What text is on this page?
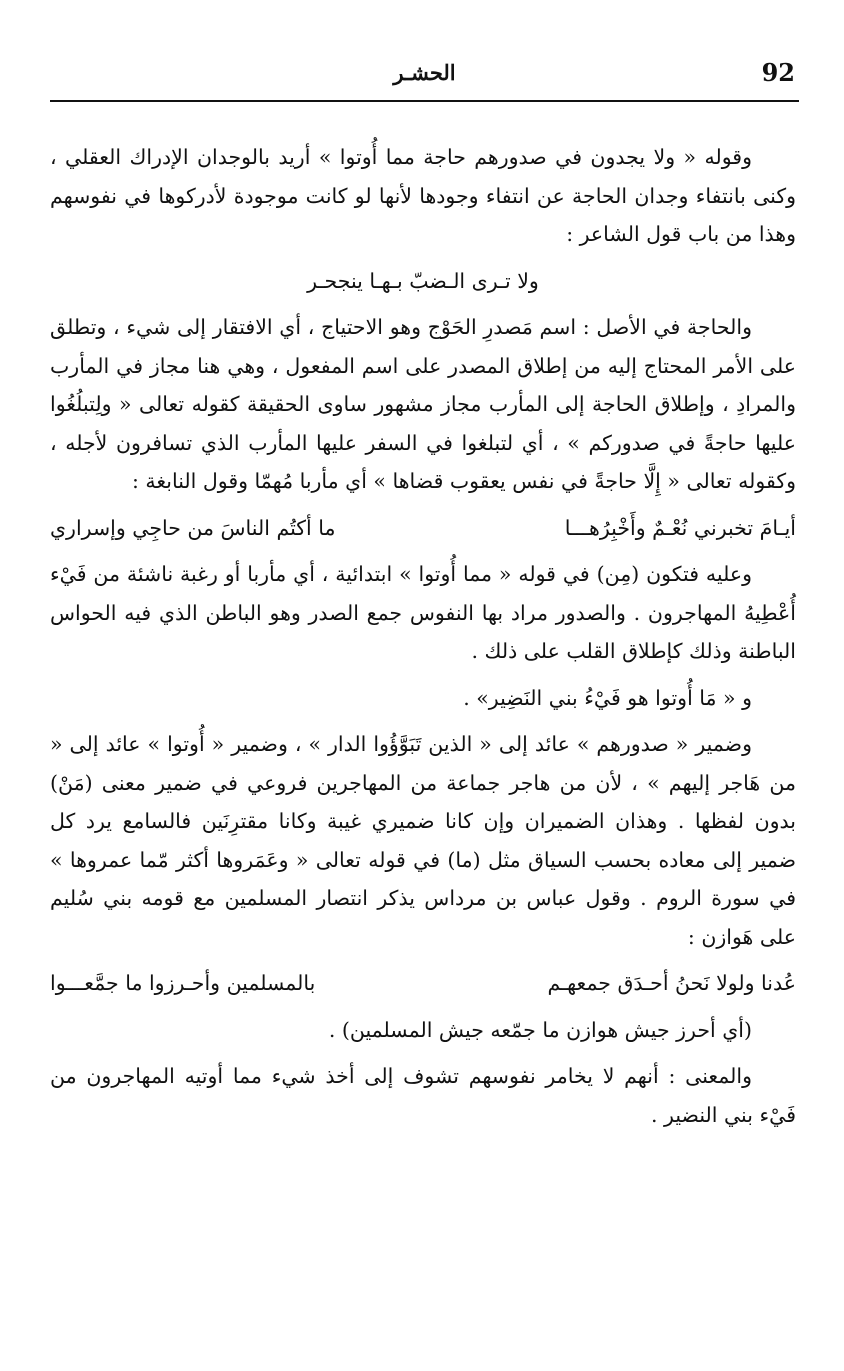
92
الحشـر

وقوله « ولا يجدون في صدورهم حاجة مما أُوتوا » أريد بالوجدان الإدراك العقلي ، وكنى بانتفاء وجدان الحاجة عن انتفاء وجودها لأنها لو كانت موجودة لأدركوها في نفوسهم وهذا من باب قول الشاعر :

ولا تـرى الـضبّ بـهـا ينجحـر

والحاجة في الأصل : اسم مَصدرِ الحَوْج وهو الاحتياج ، أي الافتقار إلى شيء ، وتطلق على الأمر المحتاج إليه من إطلاق المصدر على اسم المفعول ، وهي هنا مجاز في المأرب والمرادِ ، وإطلاق الحاجة إلى المأرب مجاز مشهور ساوى الحقيقة كقوله تعالى « ولِتبلُغُوا عليها حاجةً في صدوركم » ، أي لتبلغوا في السفر عليها المأرب الذي تسافرون لأجله ، وكقوله تعالى « إِلَّا حاجةً في نفس يعقوب قضاها » أي مأربا مُهمّا وقول النابغة :

أيـامَ تخبرني نُعْـمٌ وأَخْبِرُهـــا
ما أكتُم الناسَ من حاجِي وإسراري

وعليه فتكون (مِن) في قوله « مما أُوتوا » ابتدائية ، أي مأربا أو رغبة ناشئة من فَيْء أُعْطِيهُ المهاجرون . والصدور مراد بها النفوس جمع الصدر وهو الباطن الذي فيه الحواس الباطنة وذلك كإطلاق القلب على ذلك .

و « مَا أُوتوا هو فَيْءُ بني النَضِير» .

وضمير « صدورهم » عائد إلى « الذين تَبَوَّؤُوا الدار » ، وضمير « أُوتوا » عائد إلى « من هَاجر إليهم » ، لأن من هاجر جماعة من المهاجرين فروعي في ضمير معنى (مَنْ) بدون لفظها . وهذان الضميران وإن كانا ضميري غيبة وكانا مقترِنَين فالسامع يرد كل ضمير إلى معاده بحسب السياق مثل (ما) في قوله تعالى « وعَمَروها أكثر مّما عمروها » في سورة الروم . وقول عباس بن مرداس يذكر انتصار المسلمين مع قومه بني سُليم على هَوازن :

عُدنا ولولا نَحنُ أحـدَق جمعهـم
بالمسلمين وأحـرزوا ما جمَّعـــوا

(أي أحرز جيش هوازن ما جمّعه جيش المسلمين) .

والمعنى : أنهم لا يخامر نفوسهم تشوف إلى أخذ شيء مما أوتيه المهاجرون من فَيْء بني النضير .
